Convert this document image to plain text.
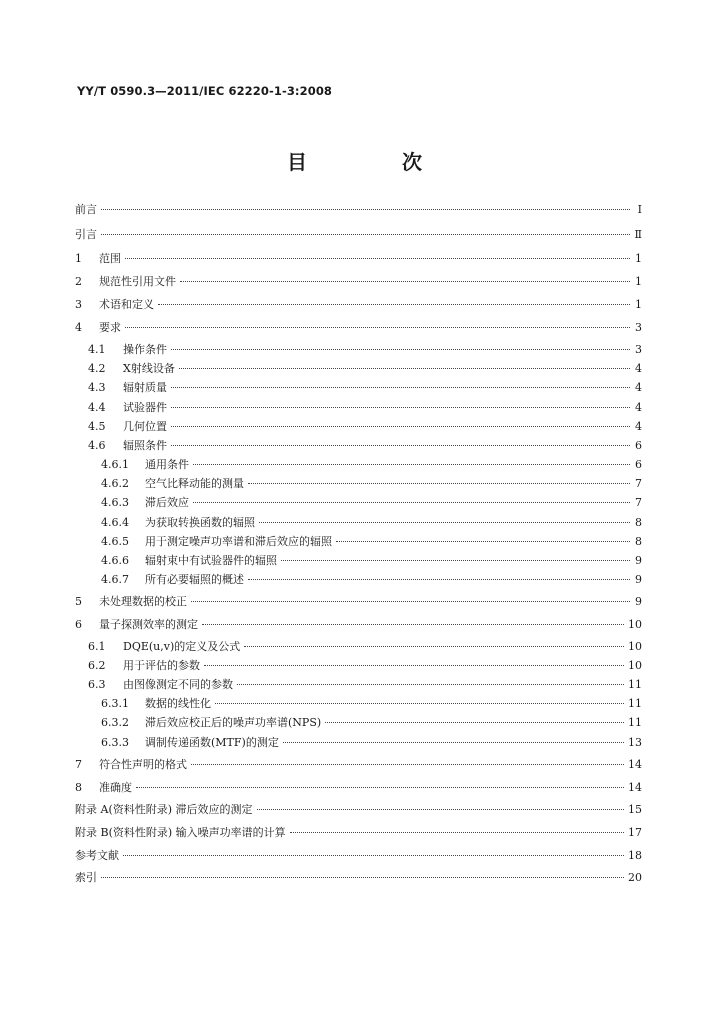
YY/T 0590.3—2011/IEC 62220-1-3:2008
目 次
前言	Ⅰ
引言	Ⅱ
1	范围	1
2	规范性引用文件	1
3	术语和定义	1
4	要求	3
4.1	操作条件	3
4.2	X射线设备	4
4.3	辐射质量	4
4.4	试验器件	4
4.5	几何位置	4
4.6	辐照条件	6
4.6.1	通用条件	6
4.6.2	空气比释动能的测量	7
4.6.3	滞后效应	7
4.6.4	为获取转换函数的辐照	8
4.6.5	用于测定噪声功率谱和滞后效应的辐照	8
4.6.6	辐射束中有试验器件的辐照	9
4.6.7	所有必要辐照的概述	9
5	未处理数据的校正	9
6	量子探测效率的测定	10
6.1	DQE(u,v)的定义及公式	10
6.2	用于评估的参数	10
6.3	由图像测定不同的参数	11
6.3.1	数据的线性化	11
6.3.2	滞后效应校正后的噪声功率谱(NPS)	11
6.3.3	调制传递函数(MTF)的测定	13
7	符合性声明的格式	14
8	准确度	14
附录 A(资料性附录) 滞后效应的测定	15
附录 B(资料性附录) 输入噪声功率谱的计算	17
参考文献	18
索引	20
